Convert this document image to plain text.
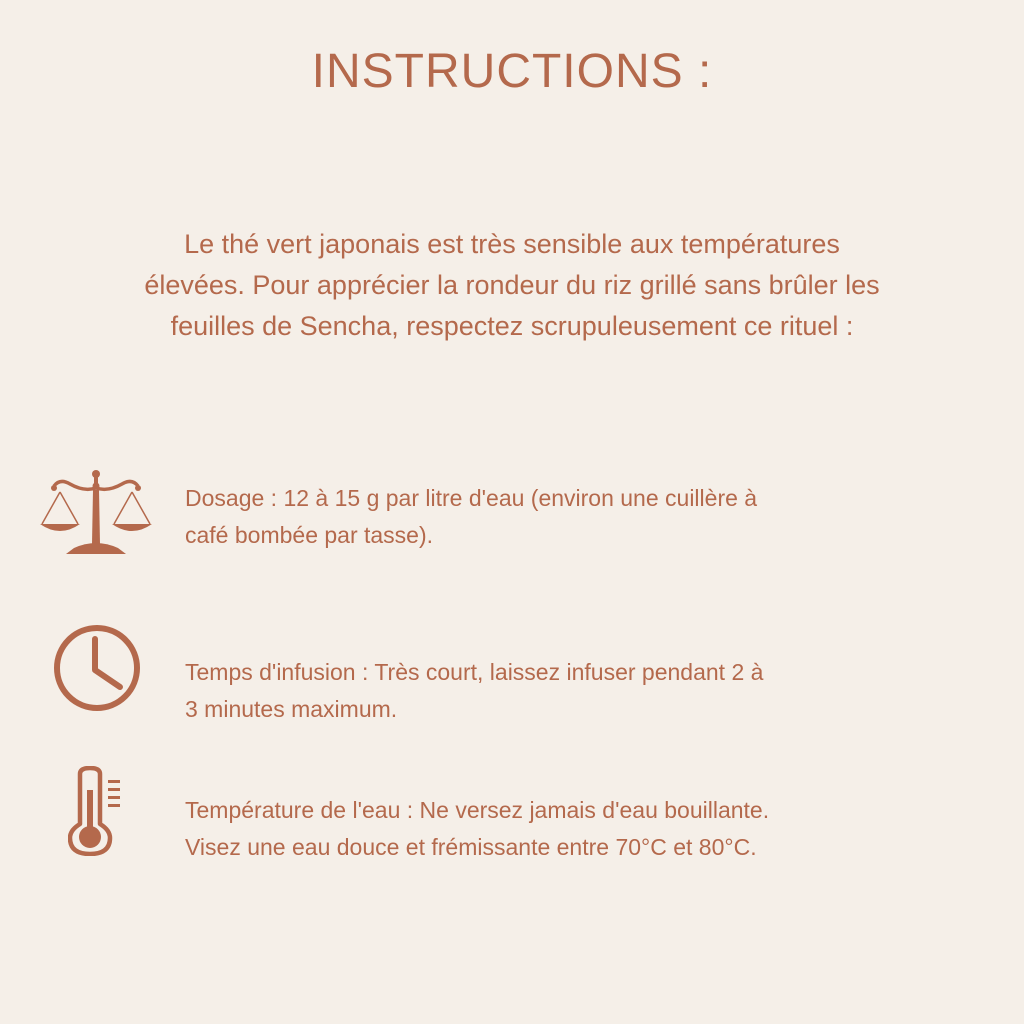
INSTRUCTIONS :
Le thé vert japonais est très sensible aux températures
élevées. Pour apprécier la rondeur du riz grillé sans brûler les
feuilles de Sencha, respectez scrupuleusement ce rituel :
Dosage : 12 à 15 g par litre d'eau (environ une cuillère à
café bombée par tasse).
Temps d'infusion : Très court, laissez infuser pendant 2 à
3 minutes maximum.
Température de l'eau : Ne versez jamais d'eau bouillante.
Visez une eau douce et frémissante entre 70°C et 80°C.
